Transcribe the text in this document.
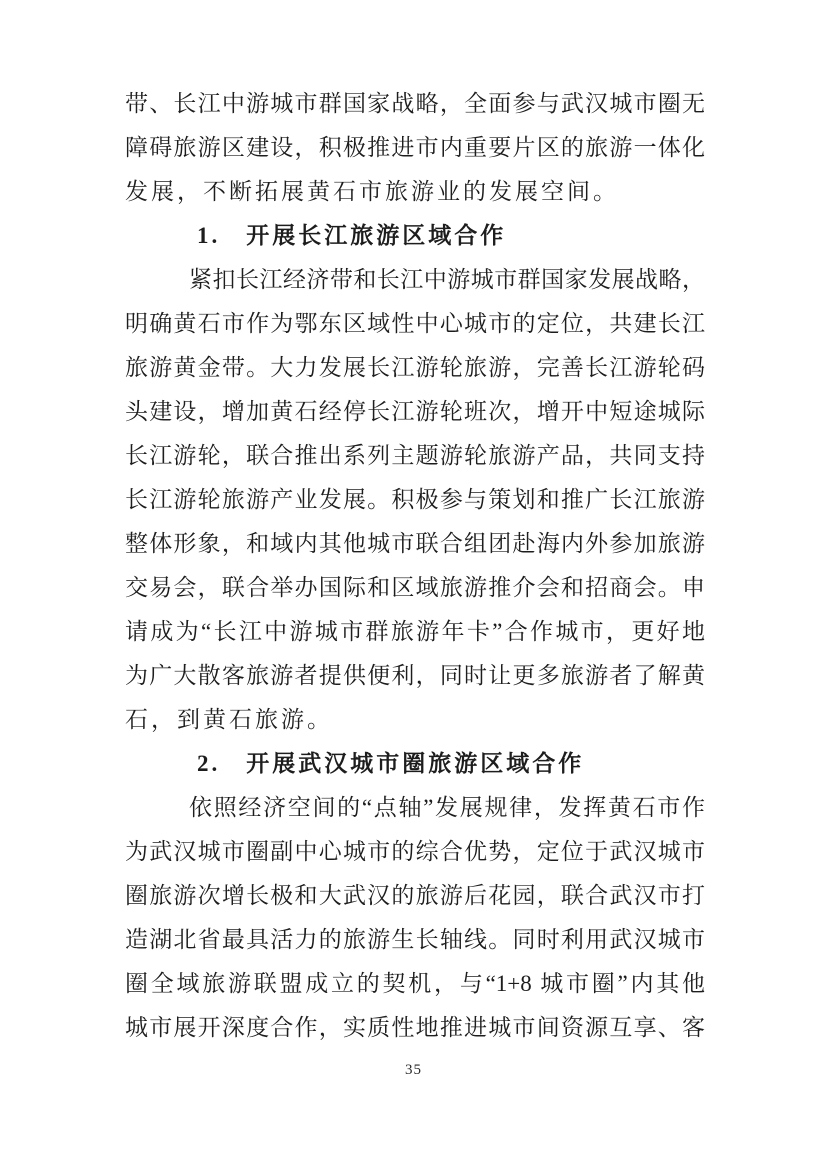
带、长江中游城市群国家战略，全面参与武汉城市圈无
障碍旅游区建设，积极推进市内重要片区的旅游一体化
发展，不断拓展黄石市旅游业的发展空间。
1.　开展长江旅游区域合作
紧扣长江经济带和长江中游城市群国家发展战略，
明确黄石市作为鄂东区域性中心城市的定位，共建长江
旅游黄金带。大力发展长江游轮旅游，完善长江游轮码
头建设，增加黄石经停长江游轮班次，增开中短途城际
长江游轮，联合推出系列主题游轮旅游产品，共同支持
长江游轮旅游产业发展。积极参与策划和推广长江旅游
整体形象，和域内其他城市联合组团赴海内外参加旅游
交易会，联合举办国际和区域旅游推介会和招商会。申
请成为“长江中游城市群旅游年卡”合作城市，更好地
为广大散客旅游者提供便利，同时让更多旅游者了解黄
石，到黄石旅游。
2.　开展武汉城市圈旅游区域合作
依照经济空间的“点轴”发展规律，发挥黄石市作
为武汉城市圈副中心城市的综合优势，定位于武汉城市
圈旅游次增长极和大武汉的旅游后花园，联合武汉市打
造湖北省最具活力的旅游生长轴线。同时利用武汉城市
圈全域旅游联盟成立的契机，与“1+8 城市圈”内其他
城市展开深度合作，实质性地推进城市间资源互享、客
35
